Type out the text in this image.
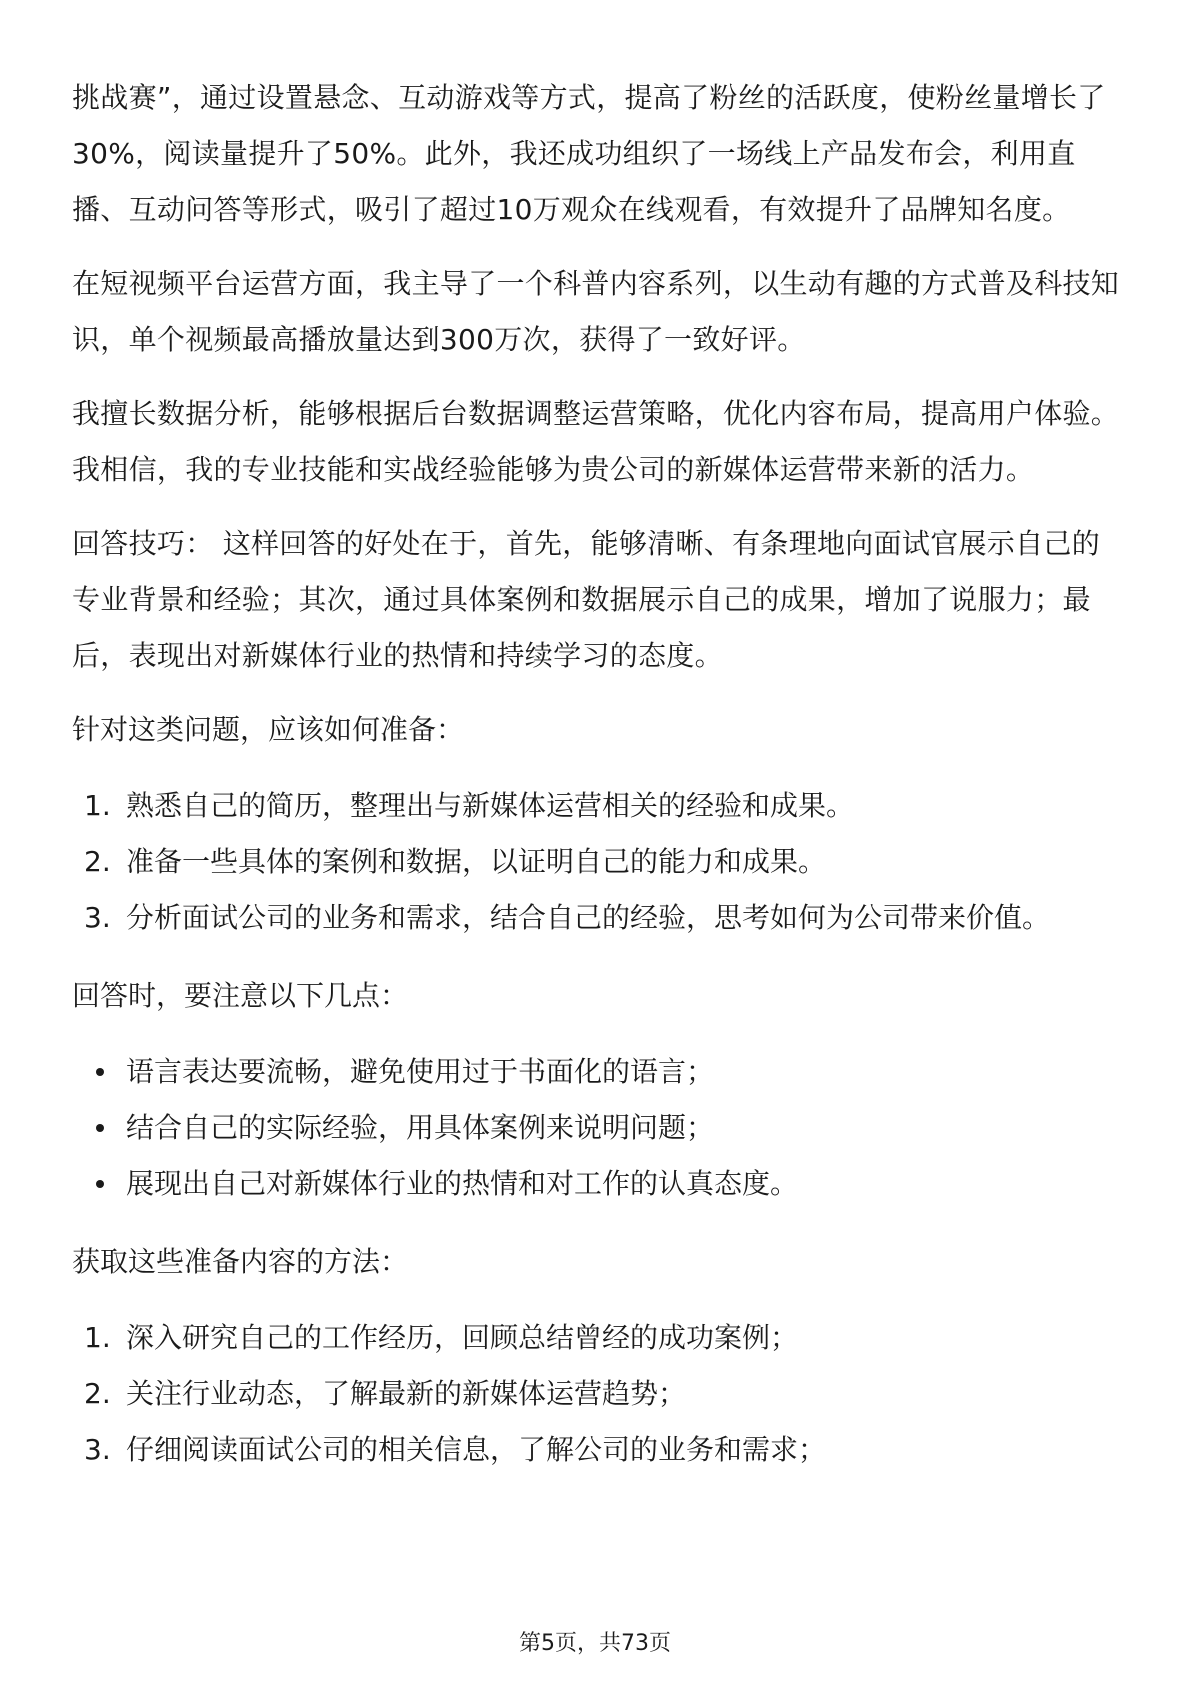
挑战赛”，通过设置悬念、互动游戏等方式，提高了粉丝的活跃度，使粉丝量增长了30%，阅读量提升了50%。此外，我还成功组织了一场线上产品发布会，利用直播、互动问答等形式，吸引了超过10万观众在线观看，有效提升了品牌知名度。

在短视频平台运营方面，我主导了一个科普内容系列，以生动有趣的方式普及科技知识，单个视频最高播放量达到300万次，获得了一致好评。

我擅长数据分析，能够根据后台数据调整运营策略，优化内容布局，提高用户体验。我相信，我的专业技能和实战经验能够为贵公司的新媒体运营带来新的活力。

回答技巧： 这样回答的好处在于，首先，能够清晰、有条理地向面试官展示自己的专业背景和经验；其次，通过具体案例和数据展示自己的成果，增加了说服力；最后，表现出对新媒体行业的热情和持续学习的态度。

针对这类问题，应该如何准备：
1. 熟悉自己的简历，整理出与新媒体运营相关的经验和成果。
2. 准备一些具体的案例和数据，以证明自己的能力和成果。
3. 分析面试公司的业务和需求，结合自己的经验，思考如何为公司带来价值。
回答时，要注意以下几点：
语言表达要流畅，避免使用过于书面化的语言；
结合自己的实际经验，用具体案例来说明问题；
展现出自己对新媒体行业的热情和对工作的认真态度。
获取这些准备内容的方法：
1. 深入研究自己的工作经历，回顾总结曾经的成功案例；
2. 关注行业动态，了解最新的新媒体运营趋势；
3. 仔细阅读面试公司的相关信息，了解公司的业务和需求；
第5页，共73页
